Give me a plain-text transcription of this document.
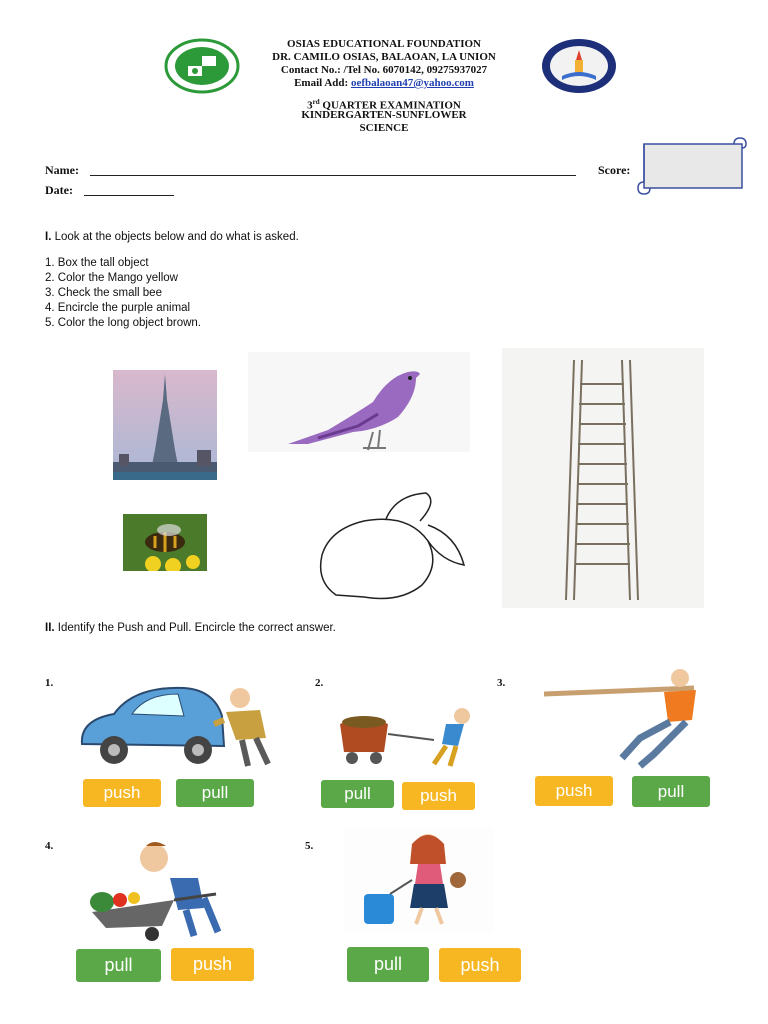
OSIAS EDUCATIONAL FOUNDATION
DR. CAMILO OSIAS, BALAOAN, LA UNION
Contact No.: /Tel No. 6070142, 09275937027
Email Add: oefbalaoan47@yahoo.com
3rd QUARTER EXAMINATION
KINDERGARTEN-SUNFLOWER
SCIENCE
Name:	Score:
Date:
I. Look at the objects below and do what is asked.
1. Box the tall object
2. Color the Mango yellow
3. Check the small bee
4. Encircle the purple animal
5. Color the long object brown.
II. Identify the Push and Pull. Encircle the correct answer.
1.
push	pull
2.
pull	push
3.
push	pull
4.
pull	push
5.
pull	push
